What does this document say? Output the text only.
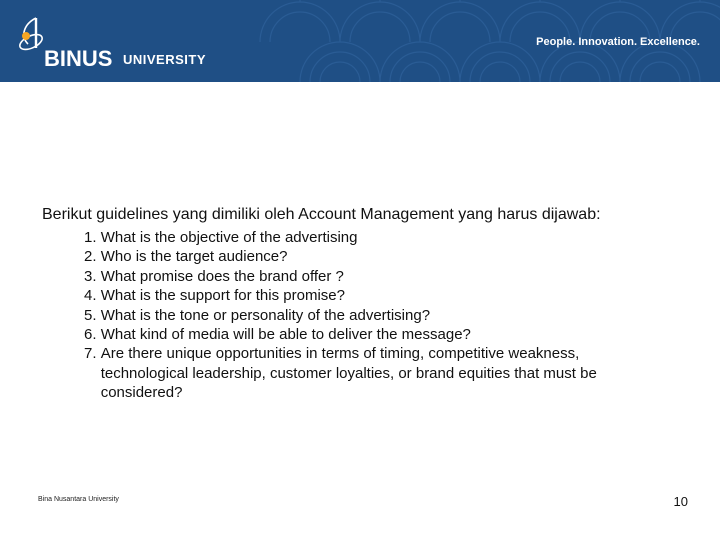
BINUS UNIVERSITY
People. Innovation. Excellence.

Berikut guidelines yang dimiliki oleh Account Management yang harus dijawab:

1.
What is the objective of the advertising
2.
Who is the target audience?
3.
What promise does the brand offer ?
4.
What is the support for this promise?
5.
What is the tone or personality of the advertising?
6.
What kind of media will be able to deliver the message?
7.
Are there unique opportunities in terms of timing, competitive weakness, technological leadership, customer loyalties, or brand equities that must be considered?
Bina Nusantara University	10
